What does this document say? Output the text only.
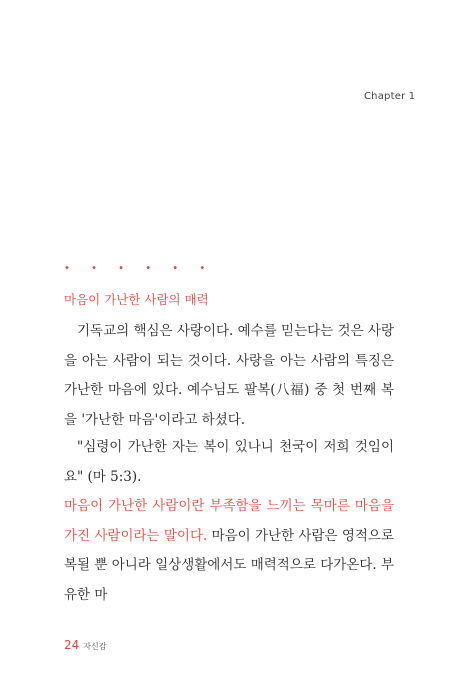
Chapter 1
• • • • • •
마음이 가난한 사람의 매력

기독교의 핵심은 사랑이다. 예수를 믿는다는 것은 사랑을 아는 사람이 되는 것이다. 사랑을 아는 사람의 특징은 가난한 마음에 있다. 예수님도 팔복(八福) 중 첫 번째 복을 '가난한 마음'이라고 하셨다.

"심령이 가난한 자는 복이 있나니 천국이 저희 것임이요" (마 5:3).

마음이 가난한 사람이란 부족함을 느끼는 목마른 마음을 가진 사람이라는 말이다. 마음이 가난한 사람은 영적으로 복될 뿐 아니라 일상생활에서도 매력적으로 다가온다. 부유한 마

24 자신감
